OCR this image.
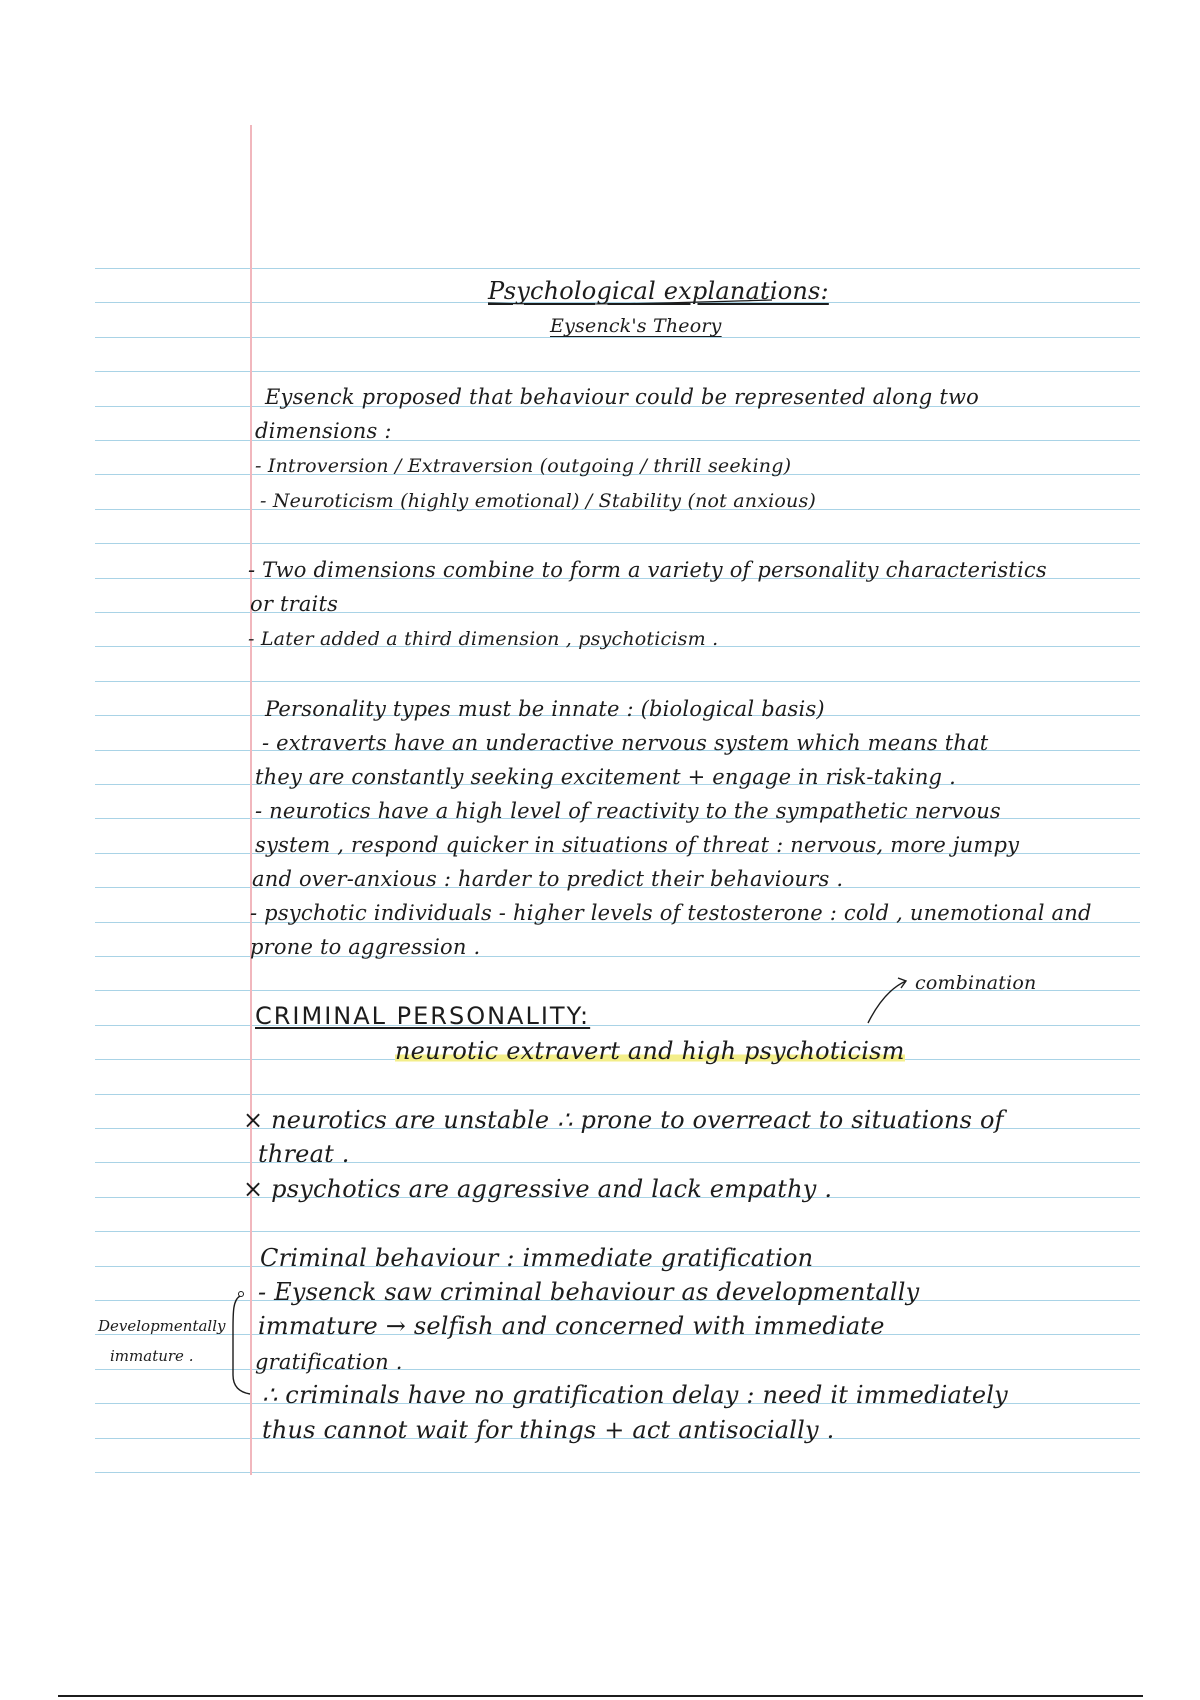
Psychological explanations:
Eysenck's Theory
Eysenck proposed that behaviour could be represented along two
dimensions :
- Introversion / Extraversion (outgoing / thrill seeking)
- Neuroticism (highly emotional) / Stability (not anxious)
- Two dimensions combine to form a variety of personality characteristics
or traits
- Later added a third dimension , psychoticism .
Personality types must be innate : (biological basis)
- extraverts have an underactive nervous system which means that
they are constantly seeking excitement + engage in risk-taking .
- neurotics have a high level of reactivity to the sympathetic nervous
system , respond quicker in situations of threat : nervous, more jumpy
and over-anxious : harder to predict their behaviours .
- psychotic individuals - higher levels of testosterone : cold , unemotional and
prone to aggression .
combination
CRIMINAL PERSONALITY:
neurotic extravert and high psychoticism
× neurotics are unstable ∴ prone to overreact to situations of
threat .
× psychotics are aggressive and lack empathy .
Criminal behaviour : immediate gratification
- Eysenck saw criminal behaviour as developmentally
immature → selfish and concerned with immediate
gratification .
∴ criminals have no gratification delay : need it immediately
thus cannot wait for things + act antisocially .
Developmentally
immature .
